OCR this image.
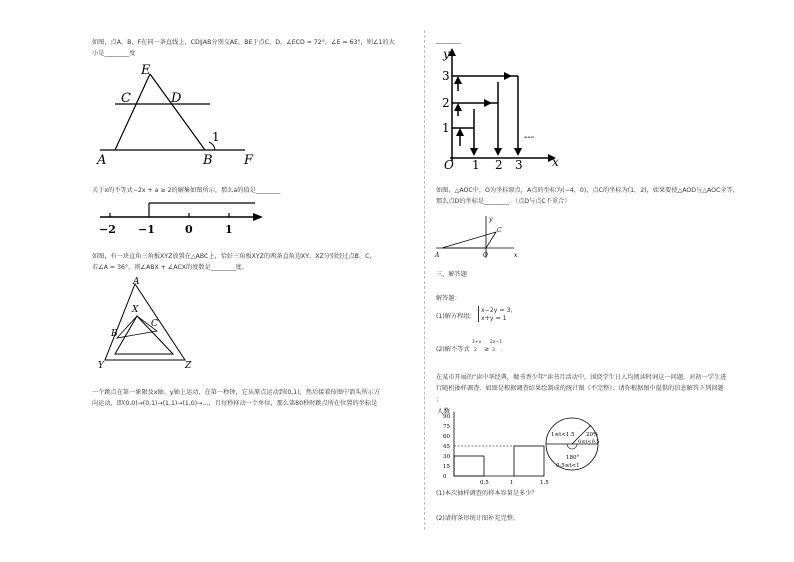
如图，点A，B，F在同一条直线上，CD∥AB分别交AE，BE于点C，D，∠ECD = 72°，∠E = 63°，则∠1的大
小是________度
E
C	D
A	B F
1
关于x的不等式−2x + a ≥ 2的解集如图所示，那么a的值是________
−2 −1	0	1
如图，有一块直角三角板XYZ放置在△ABC上，恰好三角板XYZ的两条直角边XY、XZ分别经过点B、C，
若∠A = 36°，则∠ABX + ∠ACX的度数是________度。
A
X
B
C
Y	Z
一个跳点在第一象限及x轴、y轴上运动，在第一秒钟，它从原点运动到(0,1)，然后接着按图中箭头所示方
向运动，即(0,0)→(0,1)→(1,1)→(1,0)→…，且每秒移动一个单位，那么第80秒时跳点所在位置的坐标是
________
---
y
x
O 1 2 3
1
2
3
如图，△AOC中，O为坐标原点，A点的坐标为(−4，0)，点C的坐标为(1，2)，如果要使△AOD与△AOC全等，
那么点D的坐标是________．（点D与点C不重合）
y
x
A	O
C
三、解答题
解答题：
(1)解方程组：
x−2y = 3，
x+y = 1
(2)解不等式
1+x
2 ≥
2x−1
3 ．
在某市开展的"读中华经典，做书香少年"读书月活动中，围绕学生日人均阅读时间这一问题，对初一学生进
行随机抽样调查．如图是根据调查结果绘制成的统计图（不完整），请你根据图中提供的信息解答下列问题
：
人数
90
75
60
45
30
15
0
0.5	1	1.5
1≤t<1.5 20%
0≤t<0.5
180°
0.5≤t<1
(1)本次抽样调查的样本容量是多少？
(2)请将条形统计图补充完整。
